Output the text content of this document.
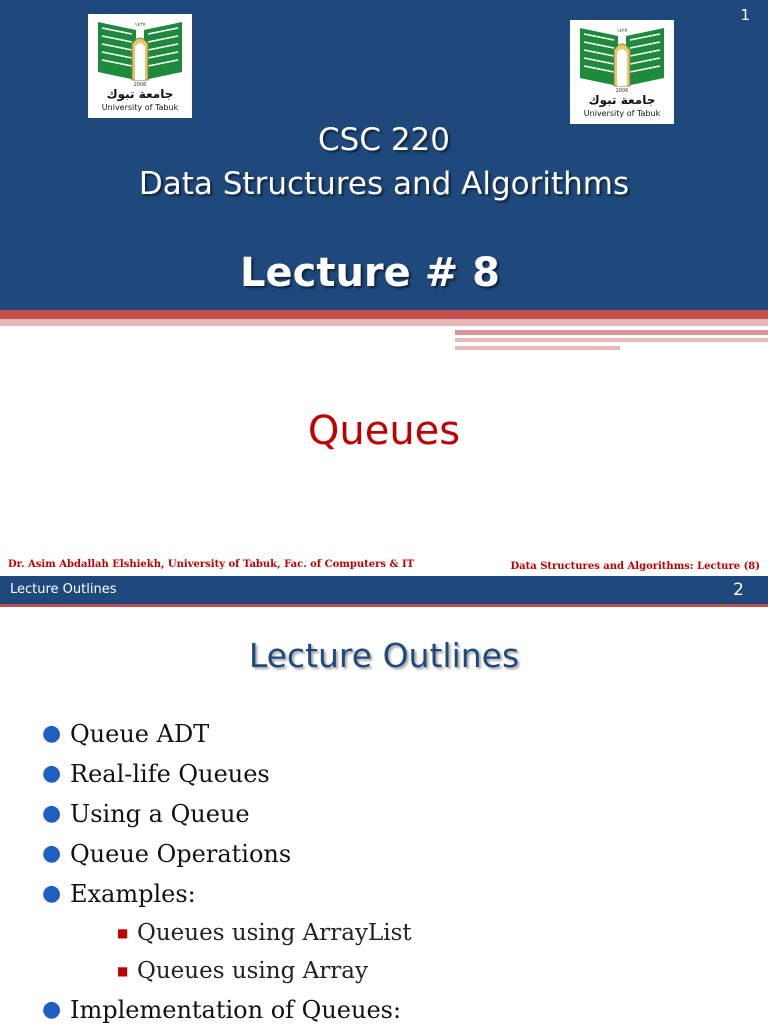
1
١٤٢٧
2006
جامعة تبوك
University of Tabuk
١٤٢٧
2006
جامعة تبوك
University of Tabuk
CSC 220
Data Structures and Algorithms
Lecture # 8
Queues
Dr. Asim Abdallah Elshiekh, University of Tabuk, Fac. of Computers & IT	Data Structures and Algorithms: Lecture (8)
Lecture Outlines	2
Lecture Outlines
● Queue ADT
● Real-life Queues
● Using a Queue
● Queue Operations
● Examples:
■ Queues using ArrayList
■ Queues using Array
● Implementation of Queues:
